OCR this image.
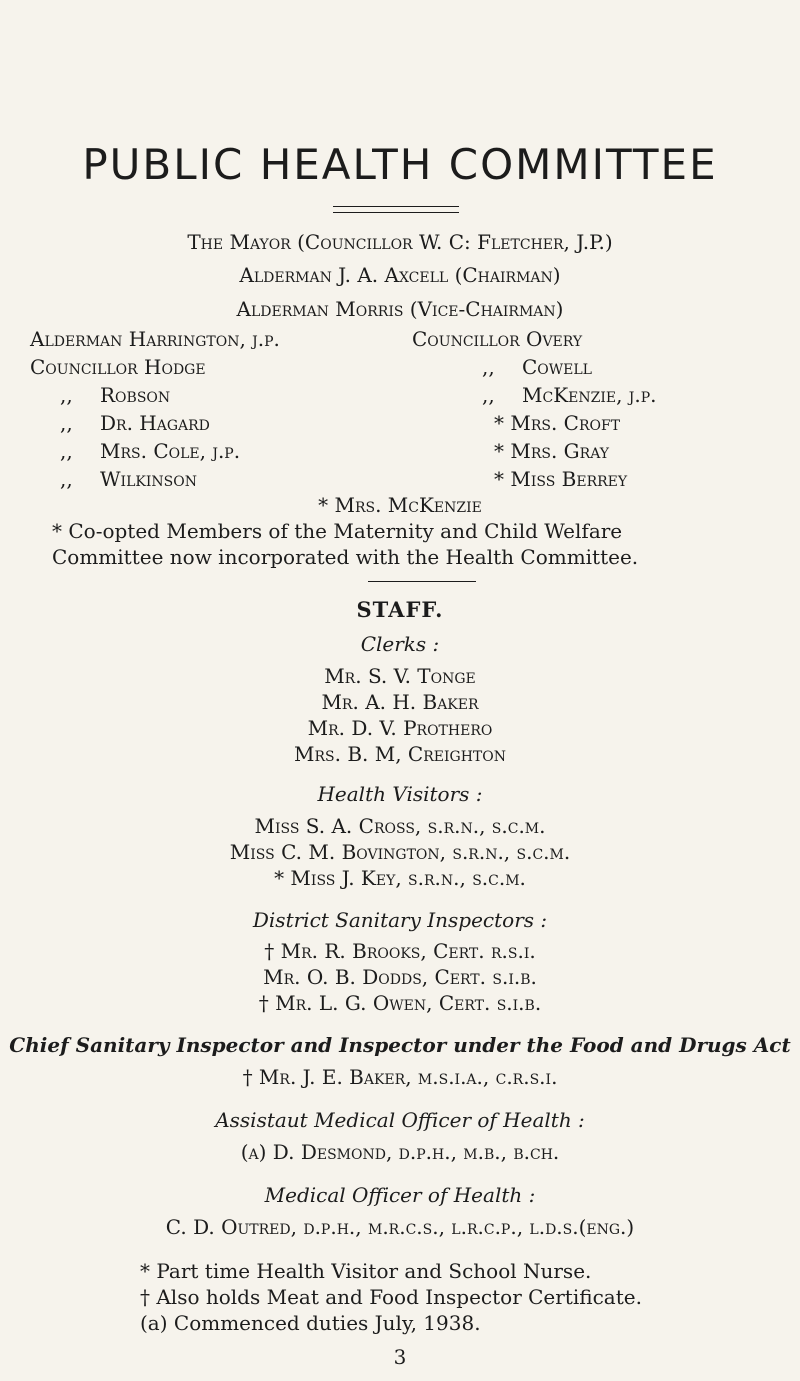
PUBLIC HEALTH COMMITTEE
The Mayor (Councillor W. C: Fletcher, J.P.)
Alderman J. A. Axcell (Chairman)
Alderman Morris (Vice-Chairman)
Alderman Harrington, j.p.
Councillor Hodge
,, Robson
,, Dr. Hagard
,, Mrs. Cole, j.p.
,, Wilkinson
Councillor Overy
,, Cowell
,, McKenzie, j.p.
* Mrs. Croft
* Mrs. Gray
* Miss Berrey
* Mrs. McKenzie
* Co-opted Members of the Maternity and Child Welfare
Committee now incorporated with the Health Committee.
STAFF.
Clerks :
Mr. S. V. Tonge
Mr. A. H. Baker
Mr. D. V. Prothero
Mrs. B. M, Creighton
Health Visitors :
Miss S. A. Cross, s.r.n., s.c.m.
Miss C. M. Bovington, s.r.n., s.c.m.
* Miss J. Key, s.r.n., s.c.m.
District Sanitary Inspectors :
† Mr. R. Brooks, Cert. r.s.i.
Mr. O. B. Dodds, Cert. s.i.b.
† Mr. L. G. Owen, Cert. s.i.b.
Chief Sanitary Inspector and Inspector under the Food and Drugs Act
† Mr. J. E. Baker, m.s.i.a., c.r.s.i.
Assistaut Medical Officer of Health :
(a) D. Desmond, d.p.h., m.b., b.ch.
Medical Officer of Health :
C. D. Outred, d.p.h., m.r.c.s., l.r.c.p., l.d.s.(eng.)
* Part time Health Visitor and School Nurse.
† Also holds Meat and Food Inspector Certificate.
(a) Commenced duties July, 1938.
3
